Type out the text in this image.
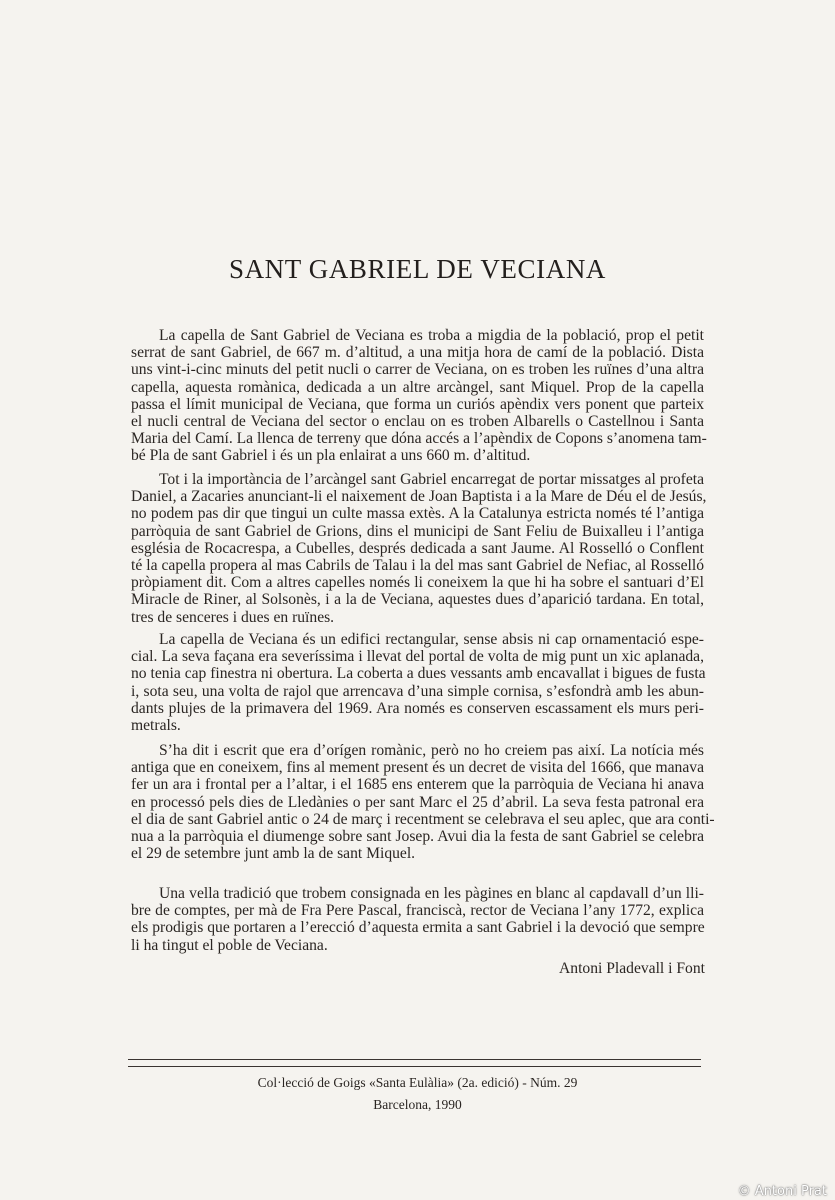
SANT GABRIEL DE VECIANA
La capella de Sant Gabriel de Veciana es troba a migdia de la població, prop el petit
serrat de sant Gabriel, de 667 m. d’altitud, a una mitja hora de camí de la població. Dista
uns vint-i-cinc minuts del petit nucli o carrer de Veciana, on es troben les ruïnes d’una altra
capella, aquesta romànica, dedicada a un altre arcàngel, sant Miquel. Prop de la capella
passa el límit municipal de Veciana, que forma un curiós apèndix vers ponent que parteix
el nucli central de Veciana del sector o enclau on es troben Albarells o Castellnou i Santa
Maria del Camí. La llenca de terreny que dóna accés a l’apèndix de Copons s’anomena tam-
bé Pla de sant Gabriel i és un pla enlairat a uns 660 m. d’altitud.
Tot i la importància de l’arcàngel sant Gabriel encarregat de portar missatges al profeta
Daniel, a Zacaries anunciant-li el naixement de Joan Baptista i a la Mare de Déu el de Jesús,
no podem pas dir que tingui un culte massa extès. A la Catalunya estricta només té l’antiga
parròquia de sant Gabriel de Grions, dins el municipi de Sant Feliu de Buixalleu i l’antiga
església de Rocacrespa, a Cubelles, després dedicada a sant Jaume. Al Rosselló o Conflent
té la capella propera al mas Cabrils de Talau i la del mas sant Gabriel de Nefiac, al Rosselló
pròpiament dit. Com a altres capelles només li coneixem la que hi ha sobre el santuari d’El
Miracle de Riner, al Solsonès, i a la de Veciana, aquestes dues d’aparició tardana. En total,
tres de senceres i dues en ruïnes.
La capella de Veciana és un edifici rectangular, sense absis ni cap ornamentació espe-
cial. La seva façana era severíssima i llevat del portal de volta de mig punt un xic aplanada,
no tenia cap finestra ni obertura. La coberta a dues vessants amb encavallat i bigues de fusta
i, sota seu, una volta de rajol que arrencava d’una simple cornisa, s’esfondrà amb les abun-
dants plujes de la primavera del 1969. Ara només es conserven escassament els murs peri-
metrals.
S’ha dit i escrit que era d’orígen romànic, però no ho creiem pas així. La notícia més
antiga que en coneixem, fins al mement present és un decret de visita del 1666, que manava
fer un ara i frontal per a l’altar, i el 1685 ens enterem que la parròquia de Veciana hi anava
en processó pels dies de Lledànies o per sant Marc el 25 d’abril. La seva festa patronal era
el dia de sant Gabriel antic o 24 de març i recentment se celebrava el seu aplec, que ara conti-
nua a la parròquia el diumenge sobre sant Josep. Avui dia la festa de sant Gabriel se celebra
el 29 de setembre junt amb la de sant Miquel.
Una vella tradició que trobem consignada en les pàgines en blanc al capdavall d’un lli-
bre de comptes, per mà de Fra Pere Pascal, franciscà, rector de Veciana l’any 1772, explica
els prodigis que portaren a l’erecció d’aquesta ermita a sant Gabriel i la devoció que sempre
li ha tingut el poble de Veciana.
Antoni Pladevall i Font
Col·lecció de Goigs «Santa Eulàlia» (2a. edició) - Núm. 29
Barcelona, 1990
© Antoni Prat
